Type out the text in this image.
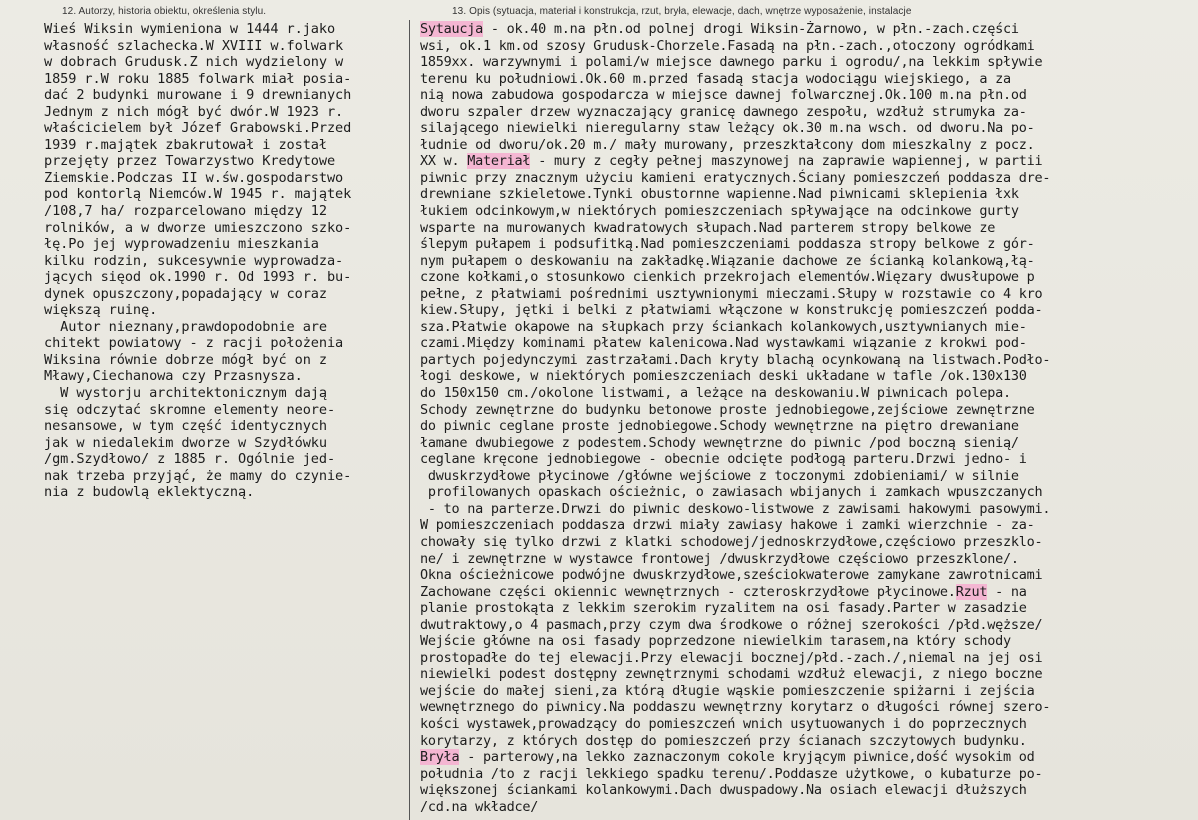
12. Autorzy, historia obiektu, określenia stylu.	13. Opis (sytuacja, materiał i konstrukcja, rzut, bryła, elewacje, dach, wnętrze wyposażenie, instalacje
Wieś Wiksin wymieniona w 1444 r.jako
własność szlachecka.W XVIII w.folwark
w dobrach Grudusk.Z nich wydzielony w
1859 r.W roku 1885 folwark miał posia-
dać 2 budynki murowane i 9 drewnianych
Jednym z nich mógł być dwór.W 1923 r.
właścicielem był Józef Grabowski.Przed
1939 r.majątek zbakrutował i został
przejęty przez Towarzystwo Kredytowe
Ziemskie.Podczas II w.św.gospodarstwo
pod kontorlą Niemców.W 1945 r. majątek
/108,7 ha/ rozparcelowano między 12
rolników, a w dworze umieszczono szko-
łę.Po jej wyprowadzeniu mieszkania
kilku rodzin, sukcesywnie wyprowadza-
jących sięod ok.1990 r. Od 1993 r. bu-
dynek opuszczony,popadający w coraz
większą ruinę.
Autor nieznany,prawdopodobnie are
chitekt powiatowy - z racji położenia
Wiksina równie dobrze mógł być on z
Mławy,Ciechanowa czy Przasnysza.
W wystorju architektonicznym dają
się odczytać skromne elementy neore-
nesansowe, w tym część identycznych
jak w niedalekim dworze w Szydłówku
/gm.Szydłowo/ z 1885 r. Ogólnie jed-
nak trzeba przyjąć, że mamy do czynie-
nia z budowlą eklektyczną.
Sytaucja - ok.40 m.na płn.od polnej drogi Wiksin-Żarnowo, w płn.-zach.części
wsi, ok.1 km.od szosy Grudusk-Chorzele.Fasadą na płn.-zach.,otoczony ogródkami
1859xx. warzywnymi i polami/w miejsce dawnego parku i ogrodu/,na lekkim spływie
terenu ku południowi.Ok.60 m.przed fasadą stacja wodociągu wiejskiego, a za
nią nowa zabudowa gospodarcza w miejsce dawnej folwarcznej.Ok.100 m.na płn.od
dworu szpaler drzew wyznaczający granicę dawnego zespołu, wzdłuż strumyka za-
silającego niewielki nieregularny staw leżący ok.30 m.na wsch. od dworu.Na po-
łudnie od dworu/ok.20 m./ mały murowany, przeszktałcony dom mieszkalny z pocz.
XX w. Materiał - mury z cegły pełnej maszynowej na zaprawie wapiennej, w partii
piwnic przy znacznym użyciu kamieni eratycznych.Ściany pomieszczeń poddasza dre-
drewniane szkieletowe.Tynki obustornne wapienne.Nad piwnicami sklepienia łxk
łukiem odcinkowym,w niektórych pomieszczeniach spływające na odcinkowe gurty
wsparte na murowanych kwadratowych słupach.Nad parterem stropy belkowe ze
ślepym pułapem i podsufitką.Nad pomieszczeniami poddasza stropy belkowe z gór-
nym pułapem o deskowaniu na zakładkę.Wiązanie dachowe ze ścianką kolankową,łą-
czone kołkami,o stosunkowo cienkich przekrojach elementów.Więzary dwusłupowe p
pełne, z płatwiami pośrednimi usztywnionymi mieczami.Słupy w rozstawie co 4 kro
kiew.Słupy, jętki i belki z płatwiami włączone w konstrukcję pomieszczeń podda-
sza.Płatwie okapowe na słupkach przy ściankach kolankowych,usztywnianych mie-
czami.Między kominami płatew kalenicowa.Nad wystawkami wiązanie z krokwi pod-
partych pojedynczymi zastrzałami.Dach kryty blachą ocynkowaną na listwach.Podło-
łogi deskowe, w niektórych pomieszczeniach deski układane w tafle /ok.130x130
do 150x150 cm./okolone listwami, a leżące na deskowaniu.W piwnicach polepa.
Schody zewnętrzne do budynku betonowe proste jednobiegowe,zejściowe zewnętrzne
do piwnic ceglane proste jednobiegowe.Schody wewnętrzne na piętro drewaniane
łamane dwubiegowe z podestem.Schody wewnętrzne do piwnic /pod boczną sienią/
ceglane kręcone jednobiegowe - obecnie odcięte podłogą parteru.Drzwi jedno- i
dwuskrzydłowe płycinowe /główne wejściowe z toczonymi zdobieniami/ w silnie
profilowanych opaskach ościeżnic, o zawiasach wbijanych i zamkach wpuszczanych
- to na parterze.Drwzi do piwnic deskowo-listwowe z zawisami hakowymi pasowymi.
W pomieszczeniach poddasza drzwi miały zawiasy hakowe i zamki wierzchnie - za-
chowały się tylko drzwi z klatki schodowej/jednoskrzydłowe,częściowo przeszklo-
ne/ i zewnętrzne w wystawce frontowej /dwuskrzydłowe częściowo przeszklone/.
Okna ościeżnicowe podwójne dwuskrzydłowe,sześciokwaterowe zamykane zawrotnicami
Zachowane części okiennic wewnętrznych - czteroskrzydłowe płycinowe.Rzut - na
planie prostokąta z lekkim szerokim ryzalitem na osi fasady.Parter w zasadzie
dwutraktowy,o 4 pasmach,przy czym dwa środkowe o różnej szerokości /płd.węższe/
Wejście główne na osi fasady poprzedzone niewielkim tarasem,na który schody
prostopadłe do tej elewacji.Przy elewacji bocznej/płd.-zach./,niemal na jej osi
niewielki podest dostępny zewnętrznymi schodami wzdłuż elewacji, z niego boczne
wejście do małej sieni,za którą długie wąskie pomieszczenie spiżarni i zejścia
wewnętrznego do piwnicy.Na poddaszu wewnętrzny korytarz o długości równej szero-
kości wystawek,prowadzący do pomieszczeń wnich usytuowanych i do poprzecznych
korytarzy, z których dostęp do pomieszczeń przy ścianach szczytowych budynku.
Bryła - parterowy,na lekko zaznaczonym cokole kryjącym piwnice,dość wysokim od
południa /to z racji lekkiego spadku terenu/.Poddasze użytkowe, o kubaturze po-
większonej ściankami kolankowymi.Dach dwuspadowy.Na osiach elewacji dłuższych
/cd.na wkładce/
